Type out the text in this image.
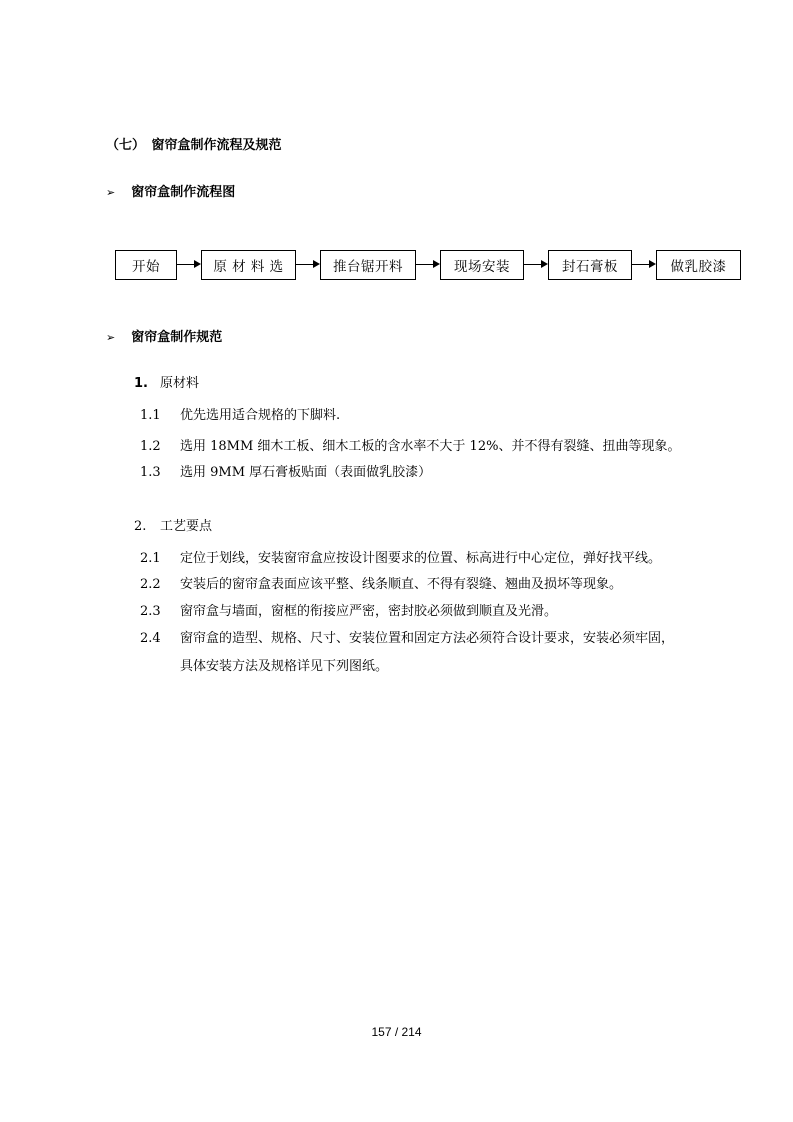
（七）　窗帘盒制作流程及规范
➢ 窗帘盒制作流程图
开始	原 材 料 选	推台锯开料	现场安装	封石膏板	做乳胶漆
➢ 窗帘盒制作规范
1. 原材料
1.1 优先选用适合规格的下脚料.
1.2 选用 18MM 细木工板、细木工板的含水率不大于 12%、并不得有裂缝、扭曲等现象。
1.3 选用 9MM 厚石膏板贴面（表面做乳胶漆）
2. 工艺要点
2.1 定位于划线，安装窗帘盒应按设计图要求的位置、标高进行中心定位，弹好找平线。
2.2 安装后的窗帘盒表面应该平整、线条顺直、不得有裂缝、翘曲及损坏等现象。
2.3 窗帘盒与墙面，窗框的衔接应严密，密封胶必须做到顺直及光滑。
2.4 窗帘盒的造型、规格、尺寸、安装位置和固定方法必须符合设计要求，安装必须牢固，
具体安装方法及规格详见下列图纸。
157 / 214
